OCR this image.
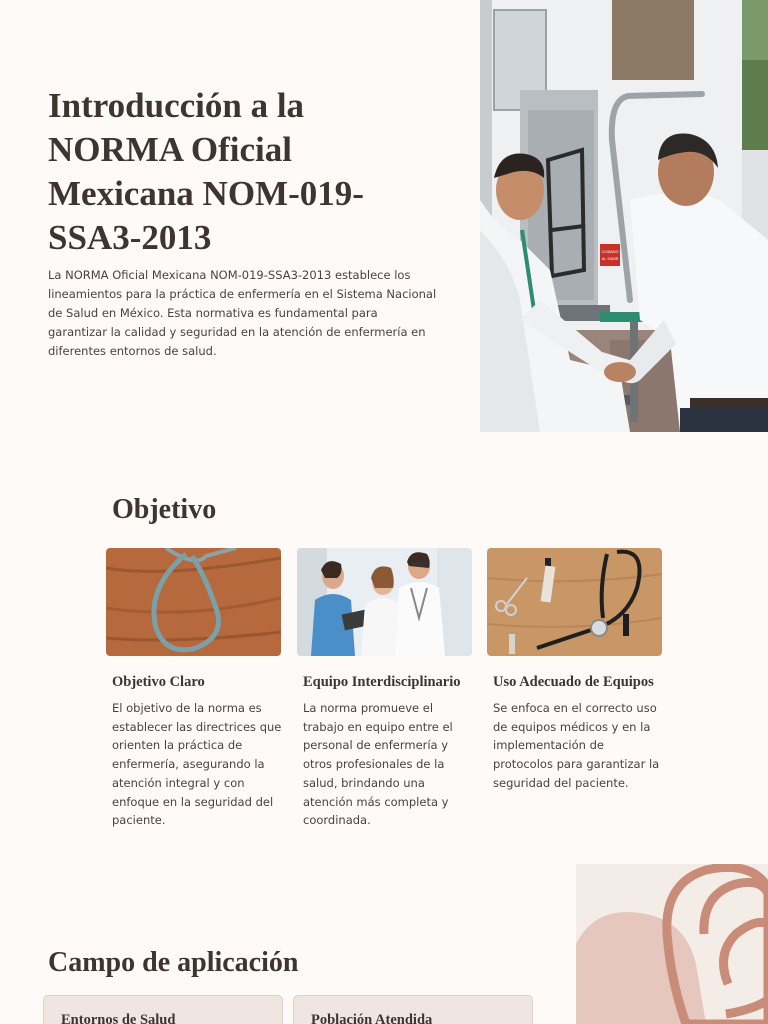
Introducción a la NORMA Oficial Mexicana NOM-019-SSA3-2013

La NORMA Oficial Mexicana NOM-019-SSA3-2013 establece los lineamientos para la práctica de enfermería en el Sistema Nacional de Salud en México. Esta normativa es fundamental para garantizar la calidad y seguridad en la atención de enfermería en diferentes entornos de salud.

CUIDADO
AL SUBIR
Objetivo
Objetivo Claro

El objetivo de la norma es establecer las directrices que orienten la práctica de enfermería, asegurando la atención integral y con enfoque en la seguridad del paciente.

Equipo Interdisciplinario

La norma promueve el trabajo en equipo entre el personal de enfermería y otros profesionales de la salud, brindando una atención más completa y coordinada.

Uso Adecuado de Equipos

Se enfoca en el correcto uso de equipos médicos y en la implementación de protocolos para garantizar la seguridad del paciente.

Campo de aplicación
Entornos de Salud	Población Atendida
